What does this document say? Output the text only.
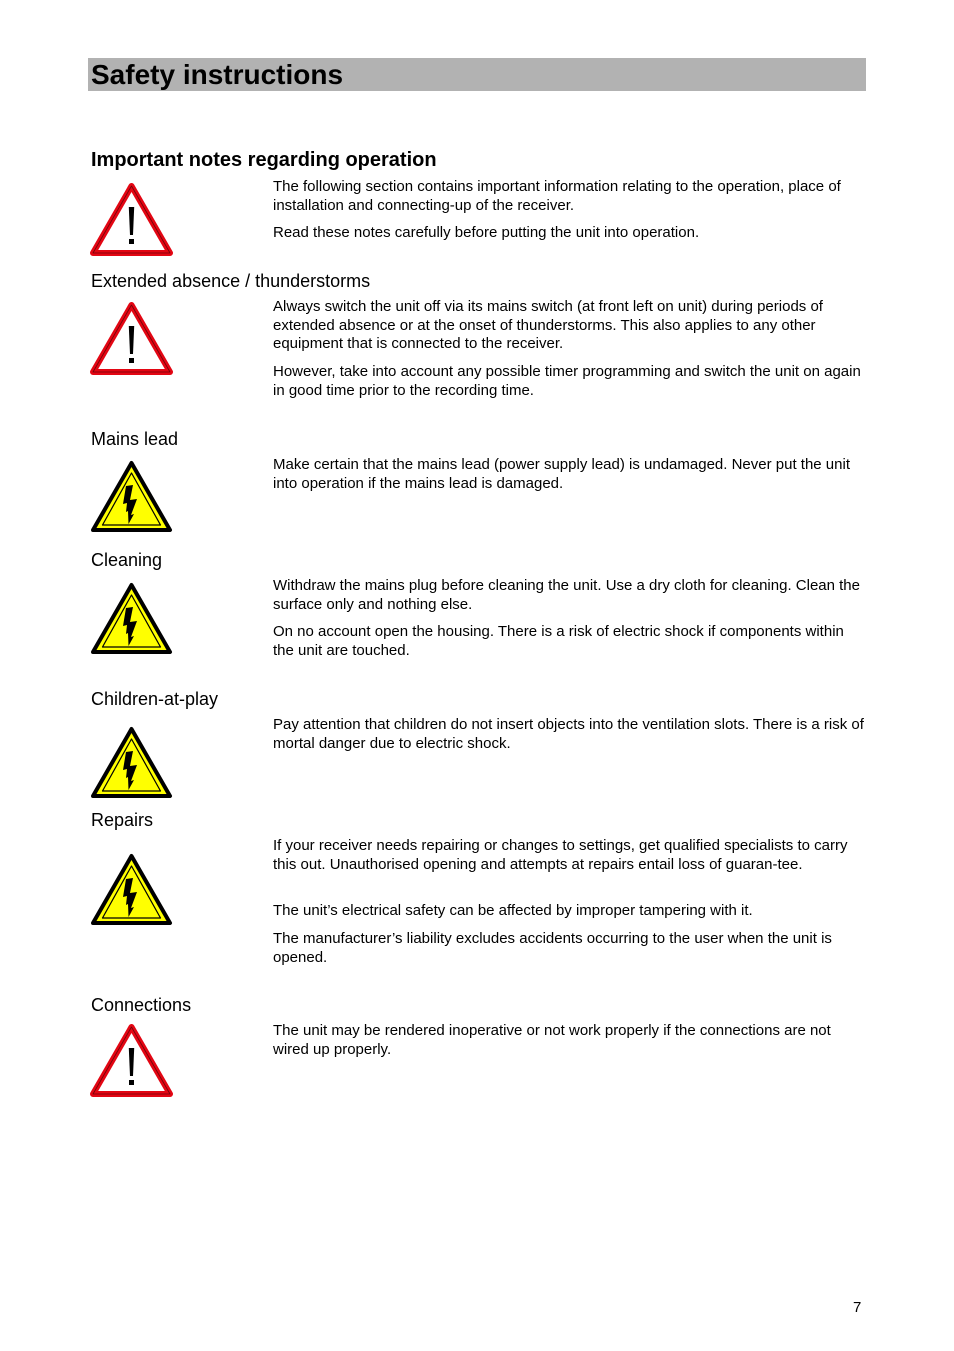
Safety instructions
Important notes regarding operation

The following section contains important information relating to the operation, place of installation and connecting-up of the receiver.

Read these notes carefully before putting the unit into operation.

Extended absence / thunderstorms

Always switch the unit off via its mains switch (at front left on unit) during periods of extended absence or at the onset of thunderstorms. This also applies to any other equipment that is connected to the receiver.

However, take into account any possible timer programming and switch the unit on again in good time prior to the recording time.

Mains lead

Make certain that the mains lead (power supply lead) is undamaged. Never put the unit into operation if the mains lead is damaged.

Cleaning

Withdraw the mains plug before cleaning the unit. Use a dry cloth for cleaning. Clean the surface only and nothing else.

On no account open the housing. There is a risk of electric shock if components within the unit are touched.

Children-at-play

Pay attention that children do not insert objects into the ventilation slots. There is a risk of mortal danger due to electric shock.

Repairs

If your receiver needs repairing or changes to settings, get qualified specialists to carry this out. Unauthorised opening and attempts at repairs entail loss of guaran-tee.

The unit’s electrical safety can be affected by improper tampering with it.

The manufacturer’s liability excludes accidents occurring to the user when the unit is opened.

Connections

The unit may be rendered inoperative or not work properly if the connections are not wired up properly.

7
